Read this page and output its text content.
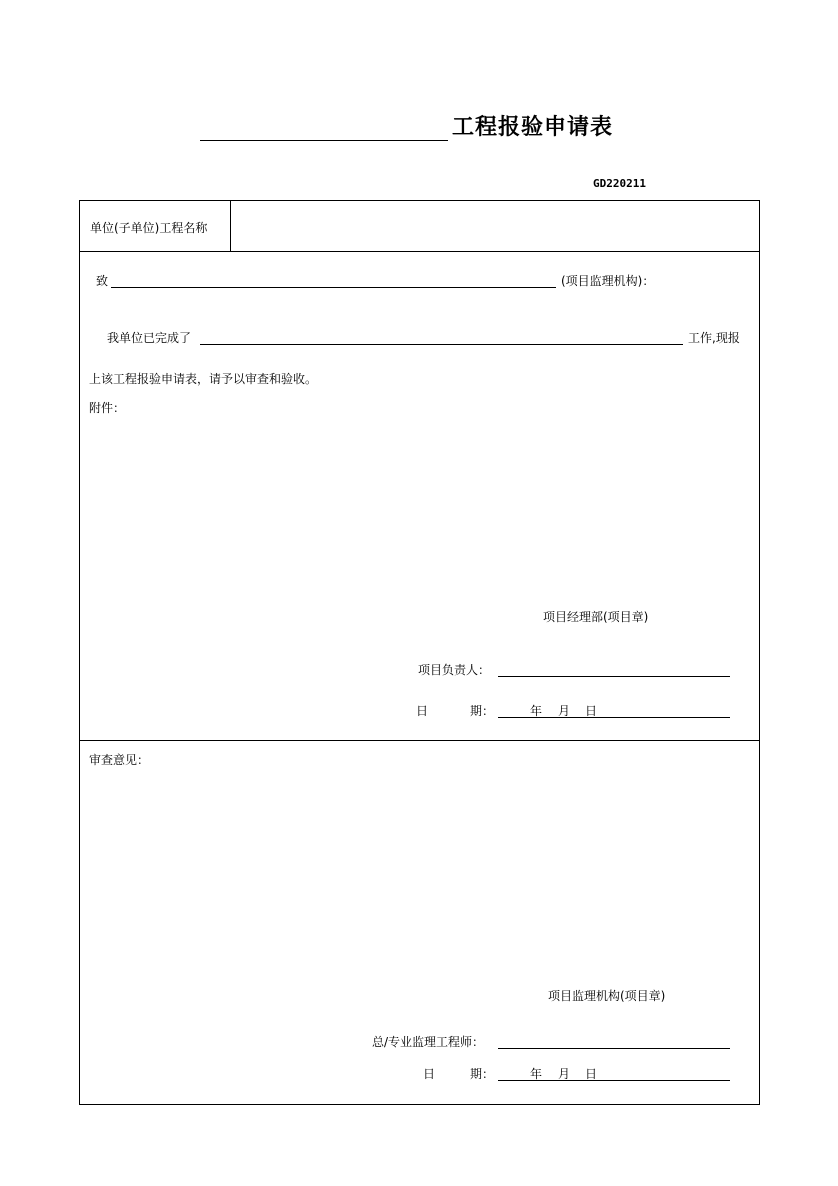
工程报验申请表
GD220211
单位(子单位)工程名称
致	(项目监理机构)：
我单位已完成了	工作,现报
上该工程报验申请表，请予以审查和验收。
附件：
项目经理部(项目章)
项目负责人：
日	期：	年 月 日
审查意见：
项目监理机构(项目章)
总/专业监理工程师：
日	期：	年 月 日
